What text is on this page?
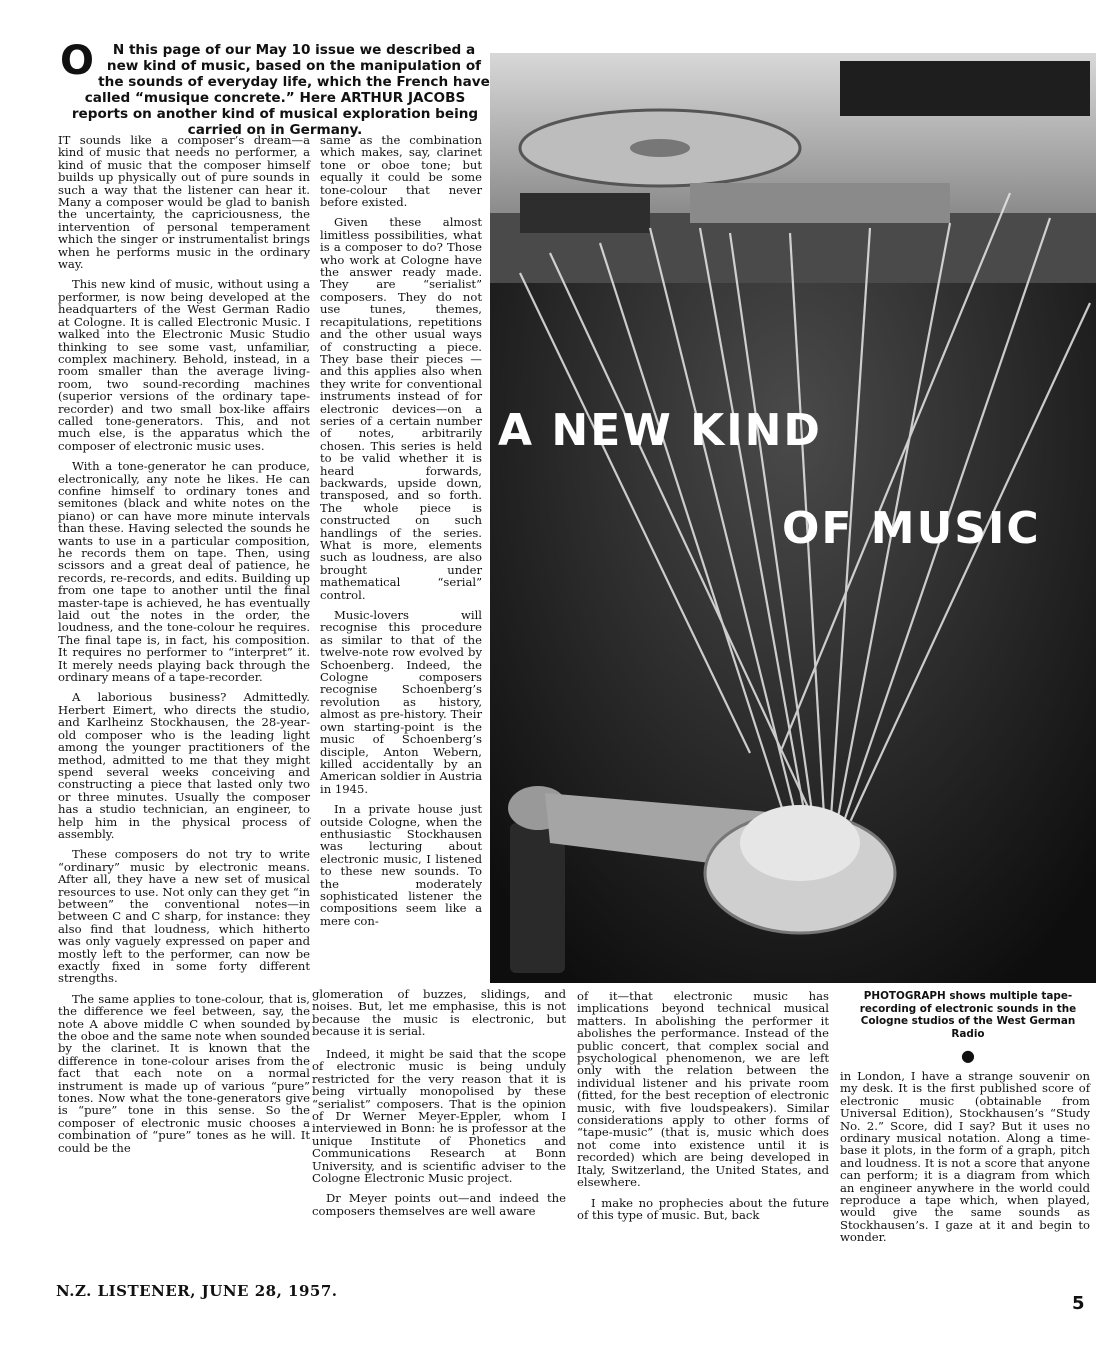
O N this page of our May 10 issue we described a new kind of music, based on the manipulation of the sounds of everyday life, which the French have called “musique concrete.” Here ARTHUR JACOBS reports on another kind of musical exploration being carried on in Germany.

IT sounds like a composer’s dream—a kind of music that needs no performer, a kind of music that the composer himself builds up physically out of pure sounds in such a way that the listener can hear it. Many a composer would be glad to banish the uncertainty, the capriciousness, the intervention of personal temperament which the singer or instrumentalist brings when he performs music in the ordinary way.

This new kind of music, without using a performer, is now being developed at the headquarters of the West German Radio at Cologne. It is called Electronic Music. I walked into the Electronic Music Studio thinking to see some vast, unfamiliar, complex machinery. Behold, instead, in a room smaller than the average living-room, two sound-recording machines (superior versions of the ordinary tape-recorder) and two small box-like affairs called tone-generators. This, and not much else, is the apparatus which the composer of electronic music uses.

With a tone-generator he can produce, electronically, any note he likes. He can confine himself to ordinary tones and semitones (black and white notes on the piano) or can have more minute intervals than these. Having selected the sounds he wants to use in a particular composition, he records them on tape. Then, using scissors and a great deal of patience, he records, re-records, and edits. Building up from one tape to another until the final master-tape is achieved, he has eventually laid out the notes in the order, the loudness, and the tone-colour he requires. The final tape is, in fact, his composition. It requires no performer to “interpret” it. It merely needs playing back through the ordinary means of a tape-recorder.

A laborious business? Admittedly. Herbert Eimert, who directs the studio, and Karlheinz Stockhausen, the 28-year-old composer who is the leading light among the younger practitioners of the method, admitted to me that they might spend several weeks conceiving and constructing a piece that lasted only two or three minutes. Usually the composer has a studio technician, an engineer, to help him in the physical process of assembly.

These composers do not try to write “ordinary” music by electronic means. After all, they have a new set of musical resources to use. Not only can they get “in between” the conventional notes—in between C and C sharp, for instance: they also find that loudness, which hitherto was only vaguely expressed on paper and mostly left to the performer, can now be exactly fixed in some forty different strengths.

The same applies to tone-colour, that is, the difference we feel between, say, the note A above middle C when sounded by the oboe and the same note when sounded by the clarinet. It is known that the difference in tone-colour arises from the fact that each note on a normal instrument is made up of various “pure” tones. Now what the tone-generators give is “pure” tone in this sense. So the composer of electronic music chooses a combination of “pure” tones as he will. It could be the

same as the combination which makes, say, clarinet tone or oboe tone; but equally it could be some tone-colour that never before existed.

Given these almost limitless possibilities, what is a composer to do? Those who work at Cologne have the answer ready made. They are “serialist” composers. They do not use tunes, themes, recapitulations, repetitions and the other usual ways of constructing a piece. They base their pieces —and this applies also when they write for conventional instruments instead of for electronic devices—on a series of a certain number of notes, arbitrarily chosen. This series is held to be valid whether it is heard forwards, backwards, upside down, transposed, and so forth. The whole piece is constructed on such handlings of the series. What is more, elements such as loudness, are also brought under mathematical “serial” control.

Music-lovers will recognise this procedure as similar to that of the twelve-note row evolved by Schoenberg. Indeed, the Cologne composers recognise Schoenberg’s revolution as history, almost as pre-history. Their own starting-point is the music of Schoenberg’s disciple, Anton Webern, killed accidentally by an American soldier in Austria in 1945.

In a private house just outside Cologne, when the enthusiastic Stockhausen was lecturing about electronic music, I listened to these new sounds. To the moderately sophisticated listener the compositions seem like a mere con-

A NEW KIND
OF MUSIC

glomeration of buzzes, slidings, and noises. But, let me emphasise, this is not because the music is electronic, but because it is serial.

Indeed, it might be said that the scope of electronic music is being unduly restricted for the very reason that it is being virtually monopolised by these “serialist” composers. That is the opinion of Dr Werner Meyer-Eppler, whom I interviewed in Bonn: he is professor at the unique Institute of Phonetics and Communications Research at Bonn University, and is scientific adviser to the Cologne Electronic Music project.

Dr Meyer points out—and indeed the composers themselves are well aware

of it—that electronic music has implications beyond technical musical matters. In abolishing the performer it abolishes the performance. Instead of the public concert, that complex social and psychological phenomenon, we are left only with the relation between the individual listener and his private room (fitted, for the best reception of electronic music, with five loudspeakers). Similar considerations apply to other forms of “tape-music” (that is, music which does not come into existence until it is recorded) which are being developed in Italy, Switzerland, the United States, and elsewhere.

I make no prophecies about the future of this type of music. But, back

PHOTOGRAPH shows multiple tape-recording of electronic sounds in the Cologne studios of the West German Radio
●

in London, I have a strange souvenir on my desk. It is the first published score of electronic music (obtainable from Universal Edition), Stockhausen’s “Study No. 2.” Score, did I say? But it uses no ordinary musical notation. Along a time-base it plots, in the form of a graph, pitch and loudness. It is not a score that anyone can perform; it is a diagram from which an engineer anywhere in the world could reproduce a tape which, when played, would give the same sounds as Stockhausen’s. I gaze at it and begin to wonder.

N.Z. LISTENER, JUNE 28, 1957.
5
